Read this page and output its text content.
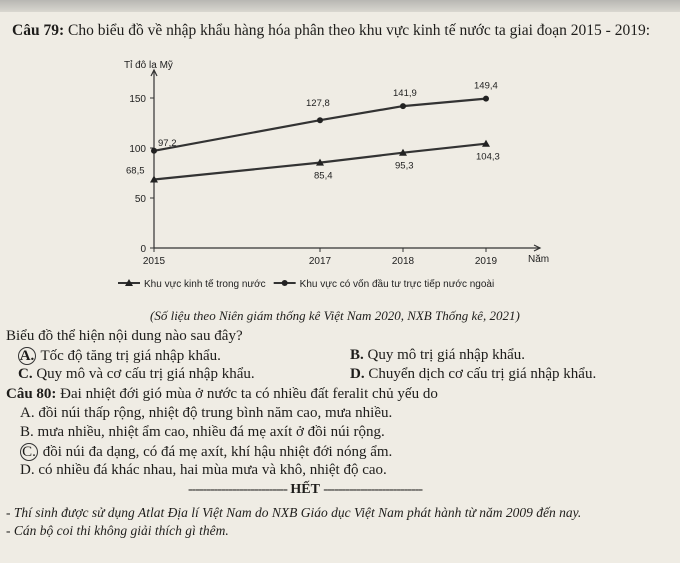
Câu 79: Cho biểu đồ về nhập khẩu hàng hóa phân theo khu vực kinh tế nước ta giai đoạn 2015 - 2019:
Tỉ đô la Mỹ
Năm
0
50
100
150
2015	2017	2018	2019
68,5	85,4
95,3
104,3
97,2
127,8
141,9
149,4
Khu vực kinh tế trong nước	Khu vực có vốn đầu tư trực tiếp nước ngoài
(Số liệu theo Niên giám thống kê Việt Nam 2020, NXB Thống kê, 2021)
Biểu đồ thể hiện nội dung nào sau đây?
A. Tốc độ tăng trị giá nhập khẩu.	B. Quy mô trị giá nhập khẩu.
C. Quy mô và cơ cấu trị giá nhập khẩu.	D. Chuyển dịch cơ cấu trị giá nhập khẩu.
Câu 80: Đai nhiệt đới gió mùa ở nước ta có nhiều đất feralit chủ yếu do
A. đồi núi thấp rộng, nhiệt độ trung bình năm cao, mưa nhiều.
B. mưa nhiều, nhiệt ẩm cao, nhiều đá mẹ axít ở đồi núi rộng.
C. đồi núi đa dạng, có đá mẹ axít, khí hậu nhiệt đới nóng ẩm.
D. có nhiều đá khác nhau, hai mùa mưa và khô, nhiệt độ cao.
--------------------------- HẾT ---------------------------
- Thí sinh được sử dụng Atlat Địa lí Việt Nam do NXB Giáo dục Việt Nam phát hành từ năm 2009 đến nay.
- Cán bộ coi thi không giải thích gì thêm.
